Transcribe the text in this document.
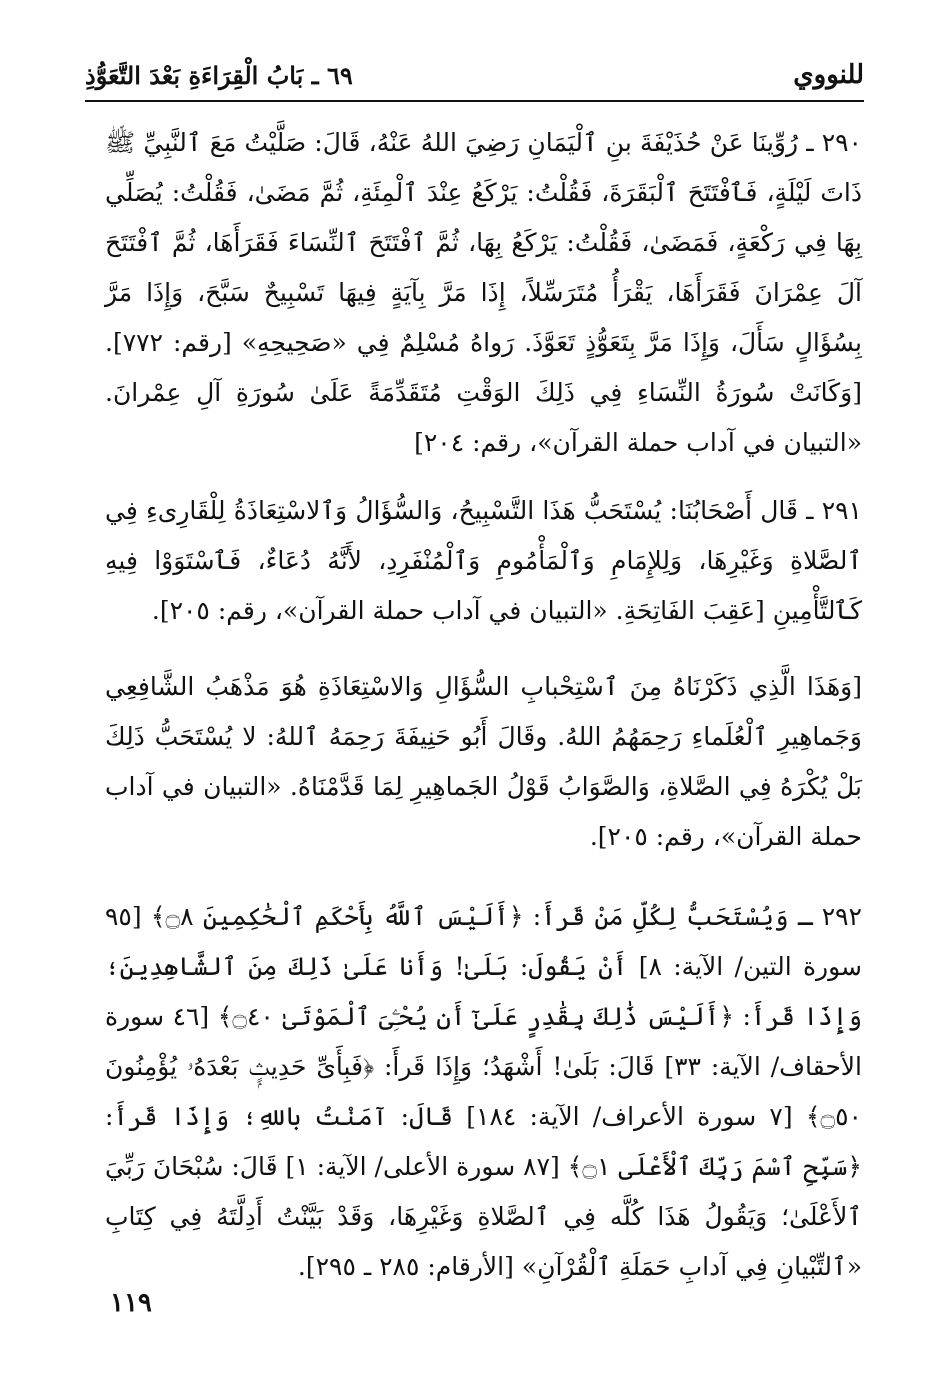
للنووي
٦٩ ـ بَابُ الْقِرَاءَةِ بَعْدَ التَّعَوُّذِ

٢٩٠ ـ رُوِّينَا عَنْ حُذَيْفَةَ بنِ ٱلْيَمَانِ رَضِيَ اللهُ عَنْهُ، قَالَ: صَلَّيْتُ مَعَ ٱلنَّبِيِّ ﷺ ذَاتَ لَيْلَةٍ، فَٱفْتَتَحَ ٱلْبَقَرَةَ، فَقُلْتُ: يَرْكَعُ عِنْدَ ٱلْمِئَةِ، ثُمَّ مَضَىٰ، فَقُلْتُ: يُصَلِّي بِهَا فِي رَكْعَةٍ، فَمَضَىٰ، فَقُلْتُ: يَرْكَعُ بِهَا، ثُمَّ ٱفْتَتَحَ ٱلنِّسَاءَ فَقَرَأَهَا، ثُمَّ ٱفْتَتَحَ آلَ عِمْرَانَ فَقَرَأَهَا، يَقْرَأُ مُتَرَسِّلاً، إِذَا مَرَّ بِآيَةٍ فِيهَا تَسْبِيحٌ سَبَّحَ، وَإِذَا مَرَّ بِسُؤَالٍ سَأَلَ، وَإِذَا مَرَّ بِتَعَوُّذٍ تَعَوَّذَ. رَواهُ مُسْلِمٌ فِي «صَحِيحِهِ» [رقم: ٧٧٢]. [وَكَانَتْ سُورَةُ النِّسَاءِ فِي ذَلِكَ الوَقْتِ مُتَقَدِّمَةً عَلَىٰ سُورَةِ آلِ عِمْرانَ. «التبيان في آداب حملة القرآن»، رقم: ٢٠٤]

٢٩١ ـ قَال أَصْحَابُنَا: يُسْتَحَبُّ هَذَا التَّسْبِيحُ، وَالسُّؤَالُ وَٱلاسْتِعَاذَةُ لِلْقَارِىءِ فِي ٱلصَّلاةِ وَغَيْرِهَا، وَلِلإِمَامِ وَٱلْمَأْمُومِ وَٱلْمُنْفَرِدِ، لأَنَّهُ دُعَاءٌ، فَٱسْتَوَوْا فِيهِ كَٱلتَّأْمِينِ [عَقِبَ الفَاتِحَةِ. «التبيان في آداب حملة القرآن»، رقم: ٢٠٥].

[وَهَذَا الَّذِي ذَكَرْنَاهُ مِنَ ٱسْتِحْبابِ السُّؤَالِ وَالاسْتِعَاذَةِ هُوَ مَذْهَبُ الشَّافِعِي وَجَماهِيرِ ٱلْعُلَماءِ رَحِمَهُمُ اللهُ. وقَالَ أَبُو حَنِيفَةَ رَحِمَهُ ٱللهُ: لا يُسْتَحَبُّ ذَلِكَ بَلْ يُكْرَهُ فِي الصَّلاةِ، وَالصَّوَابُ قَوْلُ الجَماهِيرِ لِمَا قَدَّمْنَاهُ. «التبيان في آداب حملة القرآن»، رقم: ٢٠٥].

٢٩٢ ـ وَيُسْتَحَبُّ لِكُلِّ مَنْ قَرأَ: ﴿أَلَيْسَ ٱللَّهُ بِأَحْكَمِ ٱلْحَٰكِمِينَ ۝٨﴾ [٩٥ سورة التين/ الآية: ٨] أَنْ يَقُولَ: بَلَىٰ! وَأَنا عَلَىٰ ذَلِكَ مِنَ ٱلشَّاهِدِينَ؛ وَإِذَا قَرأَ: ﴿أَلَيْسَ ذَٰلِكَ بِقَٰدِرٍ عَلَىٰٓ أَن يُحْـِۧىَ ٱلْمَوْتَىٰ ۝٤٠﴾ [٤٦ سورة الأحقاف/ الآية: ٣٣] قَالَ: بَلَىٰ! أَشْهَدُ؛ وَإِذَا قَرأَ: ﴿فَبِأَىِّ حَدِيثٍۭ بَعْدَهُۥ يُؤْمِنُونَ ۝٥٠﴾ [٧ سورة الأعراف/ الآية: ١٨٤] قَالَ: آمَنْتُ باللهِ؛ وَإِذَا قَرأَ: ﴿سَبِّحِ ٱسْمَ رَبِّكَ ٱلْأَعْلَى ۝١﴾ [٨٧ سورة الأعلى/ الآية: ١] قَالَ: سُبْحَانَ رَبِّيَ ٱلأَعْلَىٰ؛ وَيَقُولُ هَذَا كُلَّه فِي ٱلصَّلاةِ وَغَيْرِهَا، وَقَدْ بَيَّنْتُ أَدِلَّتَهُ فِي كِتَابِ «ٱلتِّبْيانِ فِي آدابِ حَمَلَةِ ٱلْقُرْآنِ» [الأرقام: ٢٨٥ ـ ٢٩٥].

١١٩
